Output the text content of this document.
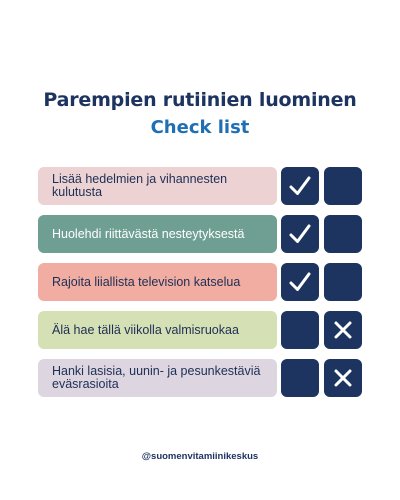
Parempien rutiinien luominen
Check list
Lisää hedelmien ja vihannesten kulutusta
Huolehdi riittävästä nesteytyksestä
Rajoita liiallista television katselua
Älä hae tällä viikolla valmisruokaa
Hanki lasisia, uunin- ja pesunkestäviä eväsrasioita
@suomenvitamiinikeskus
